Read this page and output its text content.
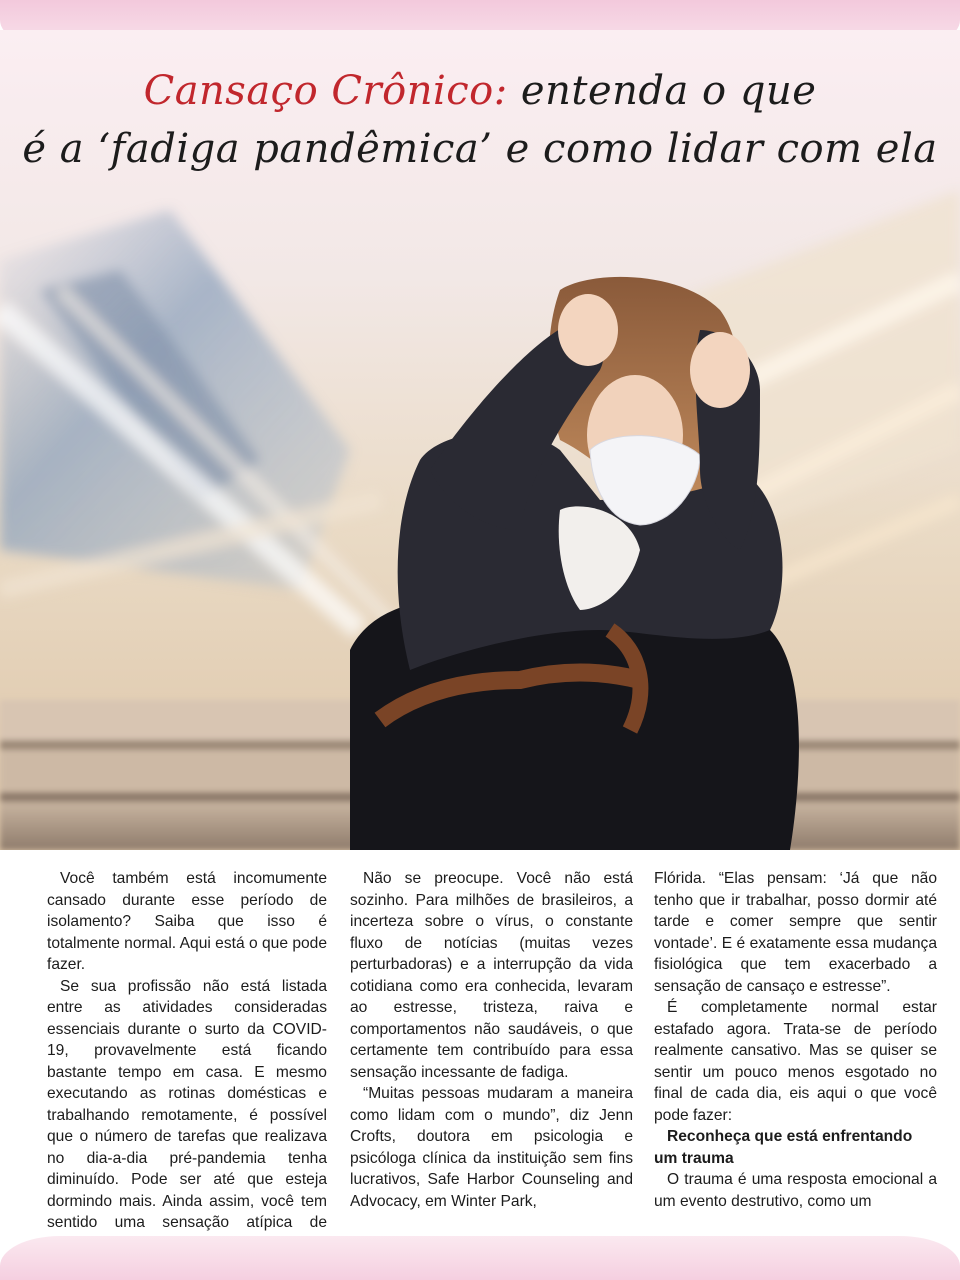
Cansaço Crônico: entenda o que
é a ‘fadiga pandêmica’ e como lidar com ela

Você também está incomumente cansado durante esse período de isolamento? Saiba que isso é totalmente normal. Aqui está o que pode fazer.

Se sua profissão não está listada entre as atividades consideradas essenciais durante o surto da COVID-19, provavelmente está ficando bastante tempo em casa. E mesmo executando as rotinas domésticas e trabalhando remotamente, é possível que o número de tarefas que realizava no dia-a-dia pré-pandemia tenha diminuído. Pode ser até que esteja dormindo mais. Ainda assim, você tem sentido uma sensação atípica de

Não se preocupe. Você não está sozinho. Para milhões de brasileiros, a incerteza sobre o vírus, o constante fluxo de notícias (muitas vezes perturbadoras) e a interrupção da vida cotidiana como era conhecida, levaram ao estresse, tristeza, raiva e comportamentos não saudáveis, o que certamente tem contribuído para essa sensação incessante de fadiga.

“Muitas pessoas mudaram a maneira como lidam com o mundo”, diz Jenn Crofts, doutora em psicologia e psicóloga clínica da instituição sem fins lucrativos, Safe Harbor Counseling and Advocacy, em Winter Park,

Flórida. “Elas pensam: ‘Já que não tenho que ir trabalhar, posso dormir até tarde e comer sempre que sentir vontade’. E é exatamente essa mudança fisiológica que tem exacerbado a sensação de cansaço e estresse”.

É completamente normal estar estafado agora. Trata-se de período realmente cansativo. Mas se quiser se sentir um pouco menos esgotado no final de cada dia, eis aqui o que você pode fazer:

Reconheça que está enfrentando um trauma

O trauma é uma resposta emocional a um evento destrutivo, como um
